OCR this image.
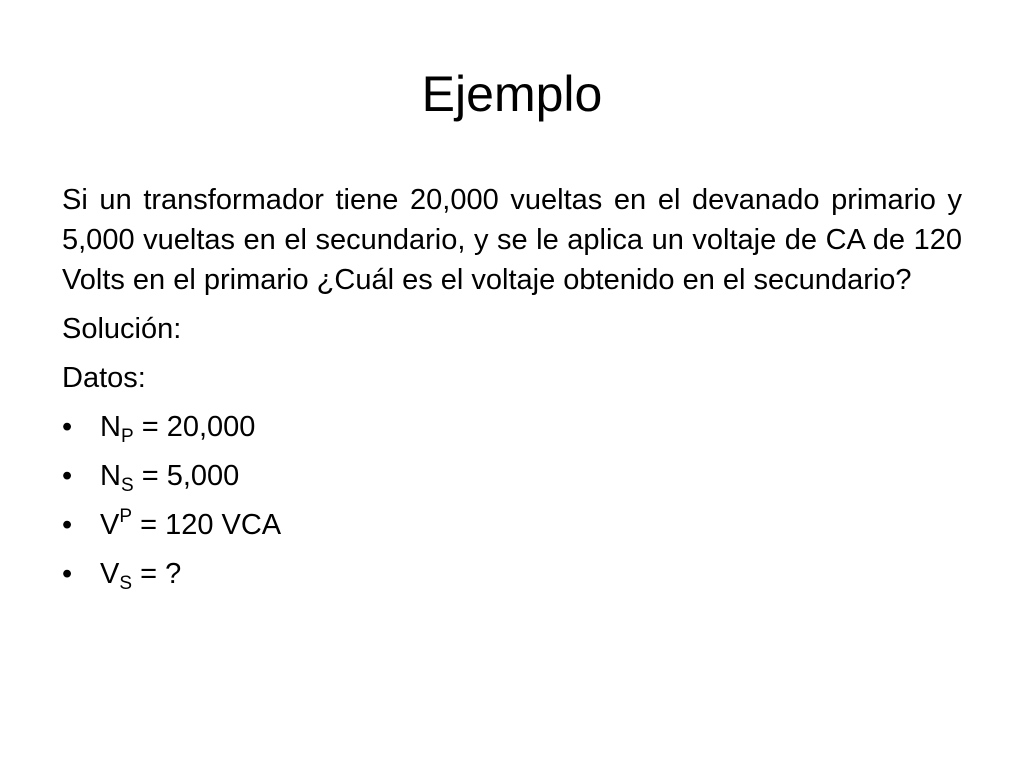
Ejemplo

Si un transformador tiene 20,000 vueltas en el devanado primario y 5,000 vueltas en el secundario, y se le aplica un voltaje de CA de 120 Volts en el primario ¿Cuál es el voltaje obtenido en el secundario?

Solución:

Datos:

• $N_P = 20,000$
• $N_S = 5,000$
• $V^P = 120$ VCA
• $V_S$ = ?
